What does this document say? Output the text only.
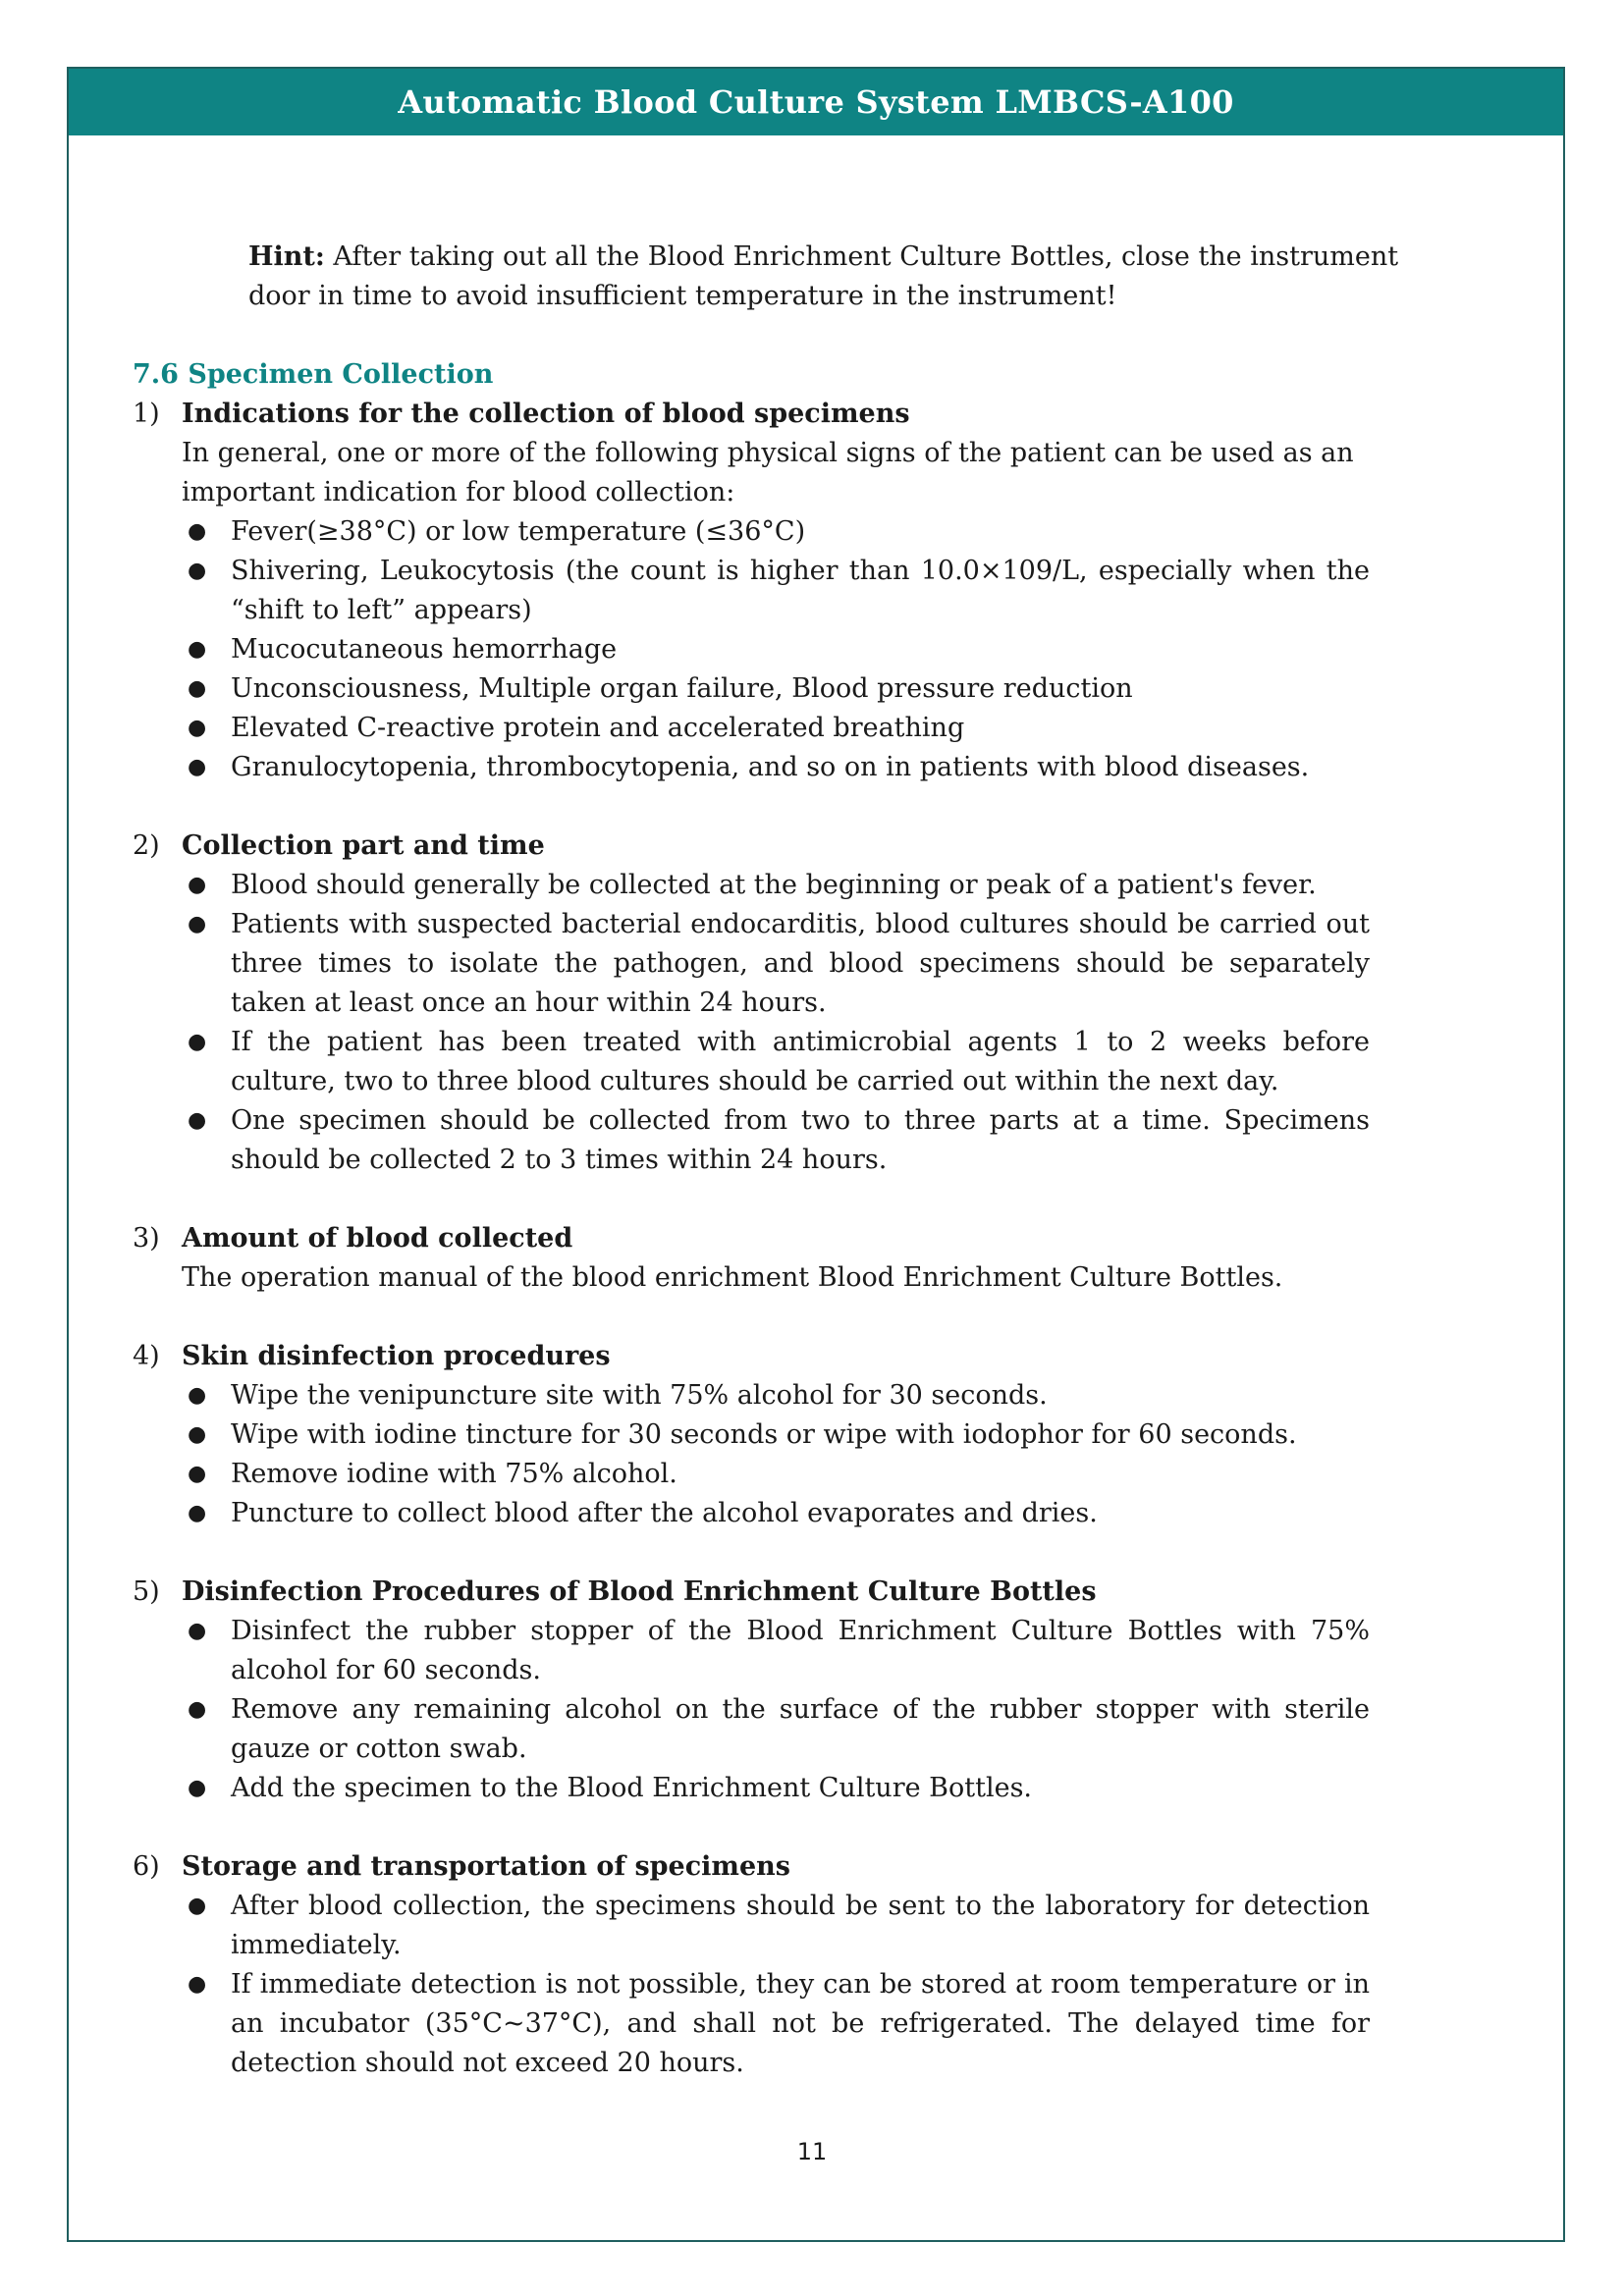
Automatic Blood Culture System LMBCS-A100
Hint: After taking out all the Blood Enrichment Culture Bottles, close the instrument door in time to avoid insufficient temperature in the instrument!
7.6 Specimen Collection
1) Indications for the collection of blood specimens
In general, one or more of the following physical signs of the patient can be used as an important indication for blood collection:
● Fever(≥38°C) or low temperature (≤36°C)
● Shivering, Leukocytosis (the count is higher than 10.0×109/L, especially when the “shift to left” appears)
● Mucocutaneous hemorrhage
● Unconsciousness, Multiple organ failure, Blood pressure reduction
● Elevated C-reactive protein and accelerated breathing
● Granulocytopenia, thrombocytopenia, and so on in patients with blood diseases.
2) Collection part and time
● Blood should generally be collected at the beginning or peak of a patient's fever.
● Patients with suspected bacterial endocarditis, blood cultures should be carried out three times to isolate the pathogen, and blood specimens should be separately taken at least once an hour within 24 hours.
● If the patient has been treated with antimicrobial agents 1 to 2 weeks before culture, two to three blood cultures should be carried out within the next day.
● One specimen should be collected from two to three parts at a time. Specimens should be collected 2 to 3 times within 24 hours.
3) Amount of blood collected
The operation manual of the blood enrichment Blood Enrichment Culture Bottles.
4) Skin disinfection procedures
● Wipe the venipuncture site with 75% alcohol for 30 seconds.
● Wipe with iodine tincture for 30 seconds or wipe with iodophor for 60 seconds.
● Remove iodine with 75% alcohol.
● Puncture to collect blood after the alcohol evaporates and dries.
5) Disinfection Procedures of Blood Enrichment Culture Bottles
● Disinfect the rubber stopper of the Blood Enrichment Culture Bottles with 75% alcohol for 60 seconds.
● Remove any remaining alcohol on the surface of the rubber stopper with sterile gauze or cotton swab.
● Add the specimen to the Blood Enrichment Culture Bottles.
6) Storage and transportation of specimens
● After blood collection, the specimens should be sent to the laboratory for detection immediately.
● If immediate detection is not possible, they can be stored at room temperature or in an incubator (35°C~37°C), and shall not be refrigerated. The delayed time for detection should not exceed 20 hours.
11
